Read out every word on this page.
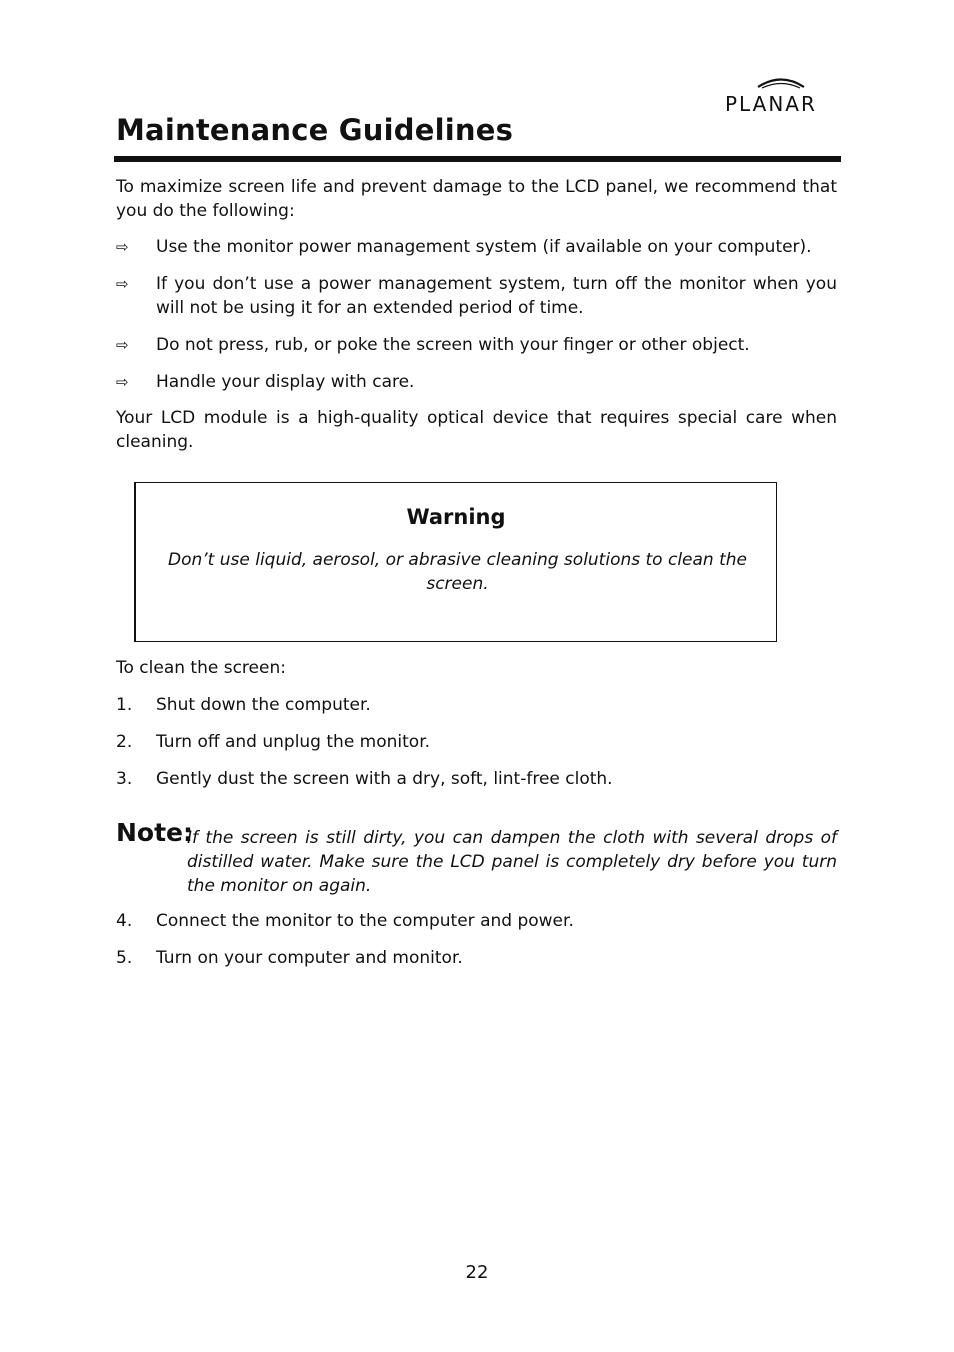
PLANAR
Maintenance Guidelines

To maximize screen life and prevent damage to the LCD panel, we recommend that you do the following:

⇨	Use the monitor power management system (if available on your computer).
⇨	If you don’t use a power management system, turn off the monitor when you will not be using it for an extended period of time.
⇨	Do not press, rub, or poke the screen with your finger or other object.
⇨	Handle your display with care.

Your LCD module is a high-quality optical device that requires special care when cleaning.

Warning
Don’t use liquid, aerosol, or abrasive cleaning solutions to clean the screen.

To clean the screen:

1.	Shut down the computer.
2.	Turn off and unplug the monitor.
3.	Gently dust the screen with a dry, soft, lint-free cloth.
Note:
If the screen is still dirty, you can dampen the cloth with several drops of distilled water. Make sure the LCD panel is completely dry before you turn the monitor on again.
4.	Connect the monitor to the computer and power.
5.	Turn on your computer and monitor.
22
